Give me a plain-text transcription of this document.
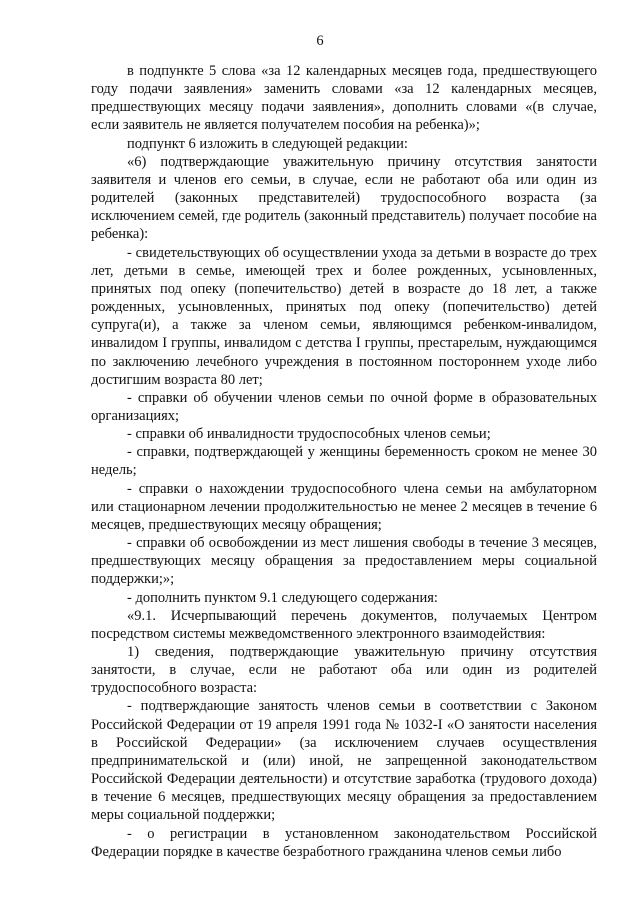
6

в подпункте 5 слова «за 12 календарных месяцев года, предшествующего году подачи заявления» заменить словами «за 12 календарных месяцев, предшествующих месяцу подачи заявления», дополнить словами «(в случае, если заявитель не является получателем пособия на ребенка)»;

подпункт 6 изложить в следующей редакции:

«6) подтверждающие уважительную причину отсутствия занятости заявителя и членов его семьи, в случае, если не работают оба или один из родителей (законных представителей) трудоспособного возраста (за исключением семей, где родитель (законный представитель) получает пособие на ребенка):

- свидетельствующих об осуществлении ухода за детьми в возрасте до трех лет, детьми в семье, имеющей трех и более рожденных, усыновленных, принятых под опеку (попечительство) детей в возрасте до 18 лет, а также рожденных, усыновленных, принятых под опеку (попечительство) детей супруга(и), а также за членом семьи, являющимся ребенком-инвалидом, инвалидом I группы, инвалидом с детства I группы, престарелым, нуждающимся по заключению лечебного учреждения в постоянном постороннем уходе либо достигшим возраста 80 лет;

- справки об обучении членов семьи по очной форме в образовательных организациях;

- справки об инвалидности трудоспособных членов семьи;

- справки, подтверждающей у женщины беременность сроком не менее 30 недель;

- справки о нахождении трудоспособного члена семьи на амбулаторном или стационарном лечении продолжительностью не менее 2 месяцев в течение 6 месяцев, предшествующих месяцу обращения;

- справки об освобождении из мест лишения свободы в течение 3 месяцев, предшествующих месяцу обращения за предоставлением меры социальной поддержки;»;

- дополнить пунктом 9.1 следующего содержания:

«9.1. Исчерпывающий перечень документов, получаемых Центром посредством системы межведомственного электронного взаимодействия:

1) сведения, подтверждающие уважительную причину отсутствия занятости, в случае, если не работают оба или один из родителей трудоспособного возраста:

- подтверждающие занятость членов семьи в соответствии с Законом Российской Федерации от 19 апреля 1991 года № 1032-I «О занятости населения в Российской Федерации» (за исключением случаев осуществления предпринимательской и (или) иной, не запрещенной законодательством Российской Федерации деятельности) и отсутствие заработка (трудового дохода) в течение 6 месяцев, предшествующих месяцу обращения за предоставлением меры социальной поддержки;

- о регистрации в установленном законодательством Российской Федерации порядке в качестве безработного гражданина членов семьи либо
